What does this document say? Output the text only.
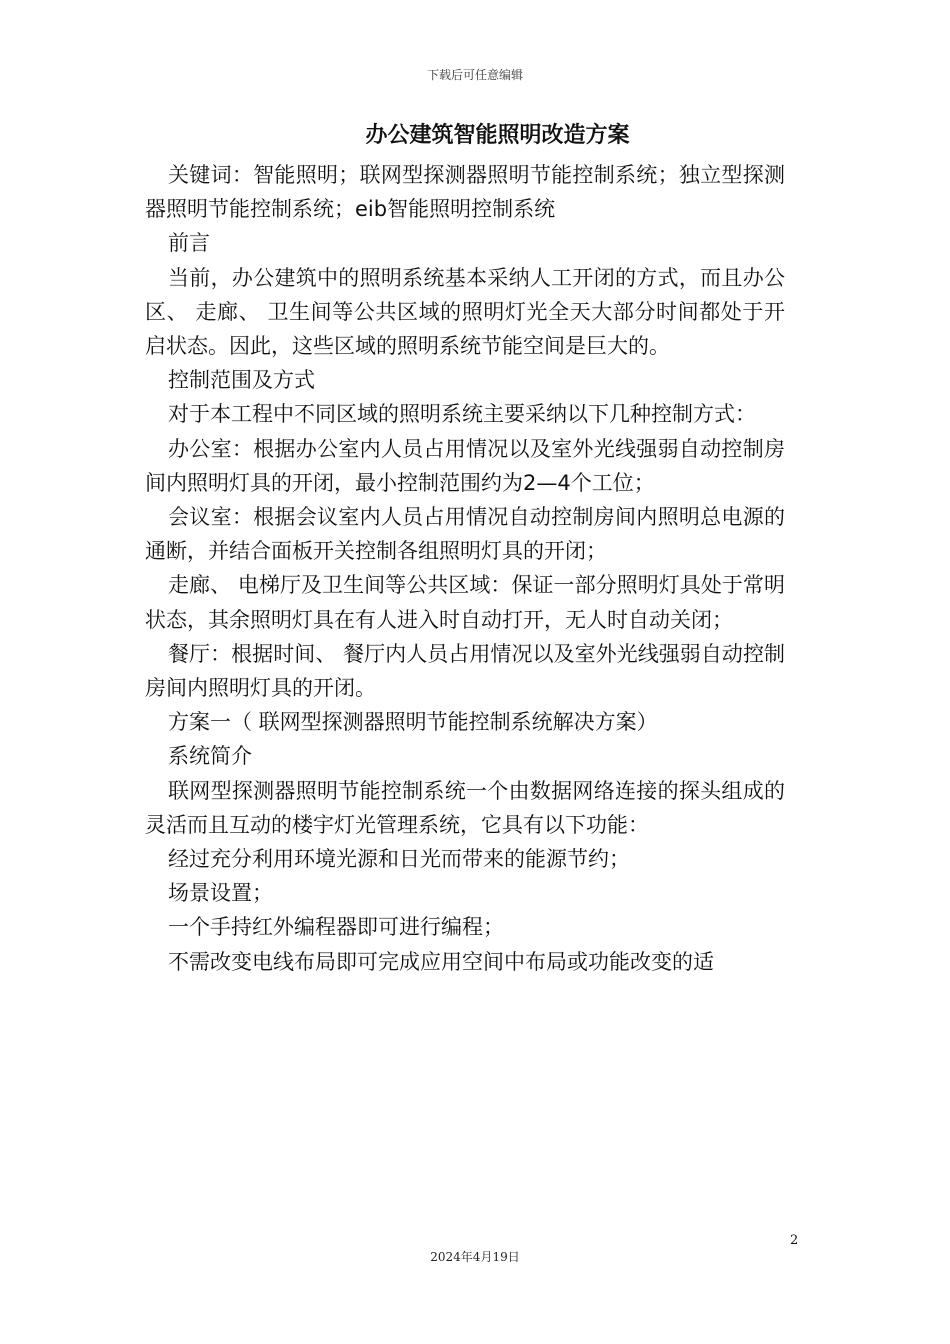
下载后可任意编辑
办公建筑智能照明改造方案

关键词：智能照明；联网型探测器照明节能控制系统；独立型探测器照明节能控制系统；eib智能照明控制系统

前言

当前，办公建筑中的照明系统基本采纳人工开闭的方式，而且办公区、 走廊、 卫生间等公共区域的照明灯光全天大部分时间都处于开启状态。因此，这些区域的照明系统节能空间是巨大的。

控制范围及方式

对于本工程中不同区域的照明系统主要采纳以下几种控制方式：

办公室：根据办公室内人员占用情况以及室外光线强弱自动控制房间内照明灯具的开闭，最小控制范围约为2—4个工位；

会议室：根据会议室内人员占用情况自动控制房间内照明总电源的通断，并结合面板开关控制各组照明灯具的开闭；

走廊、 电梯厅及卫生间等公共区域：保证一部分照明灯具处于常明状态，其余照明灯具在有人进入时自动打开，无人时自动关闭；

餐厅：根据时间、 餐厅内人员占用情况以及室外光线强弱自动控制房间内照明灯具的开闭。

方案一（ 联网型探测器照明节能控制系统解决方案）

系统简介

联网型探测器照明节能控制系统一个由数据网络连接的探头组成的灵活而且互动的楼宇灯光管理系统，它具有以下功能：

经过充分利用环境光源和日光而带来的能源节约；

场景设置；

一个手持红外编程器即可进行编程；

不需改变电线布局即可完成应用空间中布局或功能改变的适

2
2024年4月19日
